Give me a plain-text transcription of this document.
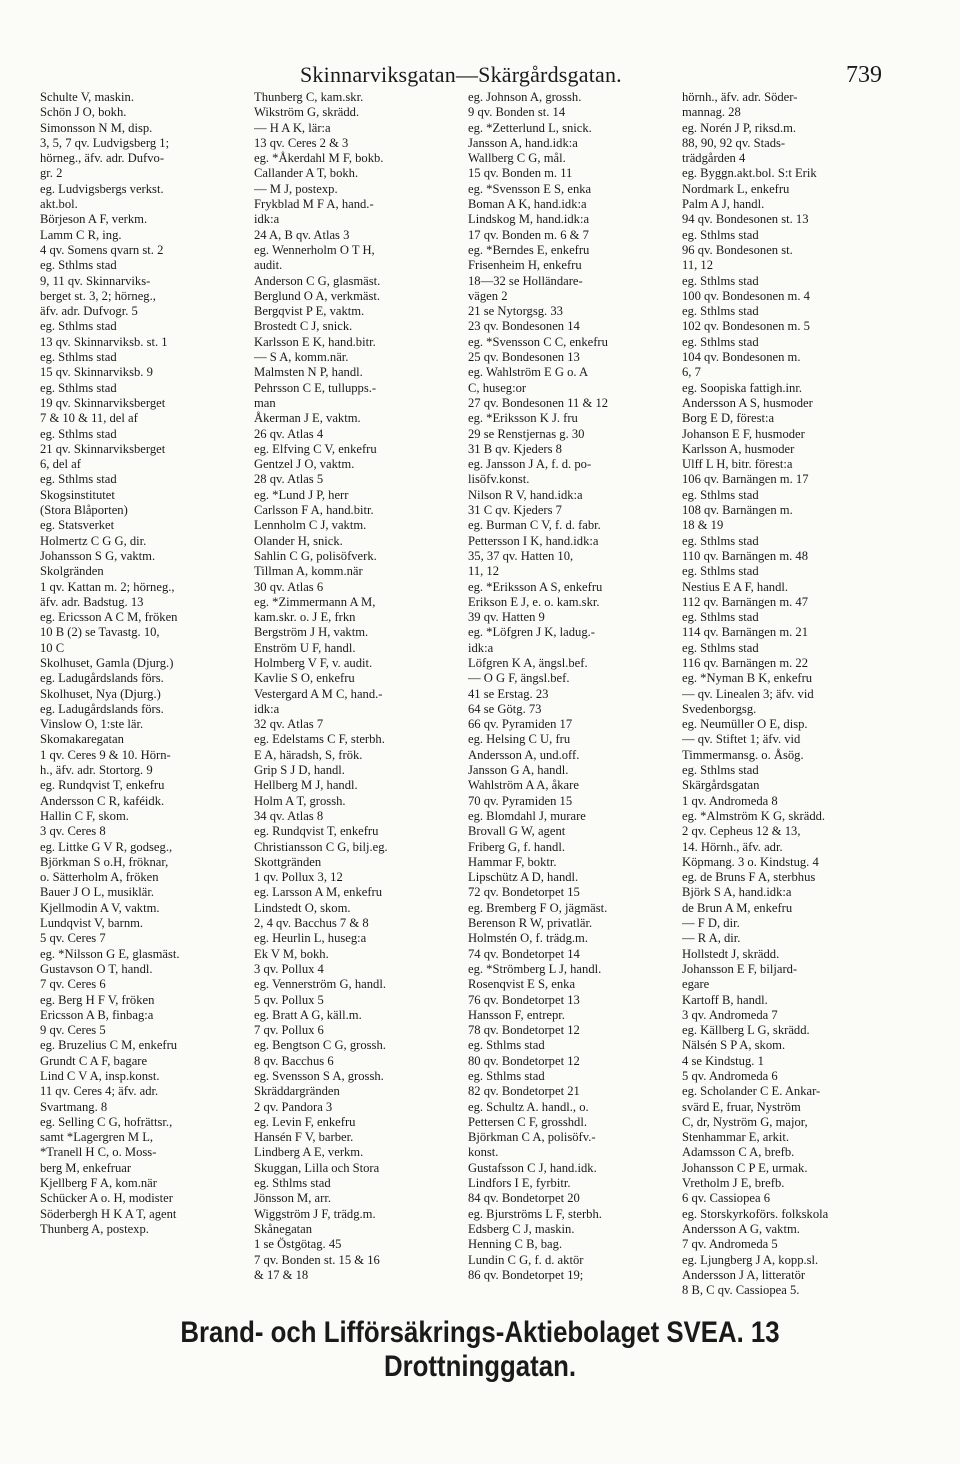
Skinnarviksgatan—Skärgårdsgatan.	739
Schulte V, maskin.
Schön J O, bokh.
Simonsson N M, disp.
3, 5, 7 qv. Ludvigsberg 1;
hörneg., äfv. adr. Dufvo-
gr. 2
eg. Ludvigsbergs verkst.
akt.bol.
Börjeson A F, verkm.
Lamm C R, ing.
4 qv. Somens qvarn st. 2
eg. Sthlms stad
9, 11 qv. Skinnarviks-
berget st. 3, 2; hörneg.,
äfv. adr. Dufvogr. 5
eg. Sthlms stad
13 qv. Skinnarviksb. st. 1
eg. Sthlms stad
15 qv. Skinnarviksb. 9
eg. Sthlms stad
19 qv. Skinnarviksberget
7 & 10 & 11, del af
eg. Sthlms stad
21 qv. Skinnarviksberget
6, del af
eg. Sthlms stad
Skogsinstitutet
(Stora Blåporten)
eg. Statsverket
Holmertz C G G, dir.
Johansson S G, vaktm.
Skolgränden
1 qv. Kattan m. 2; hörneg.,
äfv. adr. Badstug. 13
eg. Ericsson A C M, fröken
10 B (2) se Tavastg. 10,
10 C
Skolhuset, Gamla (Djurg.)
eg. Ladugårdslands förs.
Skolhuset, Nya (Djurg.)
eg. Ladugårdslands förs.
Vinslow O, 1:ste lär.
Skomakaregatan
1 qv. Ceres 9 & 10. Hörn-
h., äfv. adr. Stortorg. 9
eg. Rundqvist T, enkefru
Andersson C R, kaféidk.
Hallin C F, skom.
3 qv. Ceres 8
eg. Littke G V R, godseg.,
Björkman S o.H, fröknar,
o. Sätterholm A, fröken
Bauer J O L, musiklär.
Kjellmodin A V, vaktm.
Lundqvist V, barnm.
5 qv. Ceres 7
eg. *Nilsson G E, glasmäst.
Gustavson O T, handl.
7 qv. Ceres 6
eg. Berg H F V, fröken
Ericsson A B, finbag:a
9 qv. Ceres 5
eg. Bruzelius C M, enkefru
Grundt C A F, bagare
Lind C V A, insp.konst.
11 qv. Ceres 4; äfv. adr.
Svartmang. 8
eg. Selling C G, hofrättsr.,
samt *Lagergren M L,
*Tranell H C, o. Moss-
berg M, enkefruar
Kjellberg F A, kom.när
Schücker A o. H, modister
Söderbergh H K A T, agent
Thunberg A, postexp.
Thunberg C, kam.skr.
Wikström G, skrädd.
— H A K, lär:a
13 qv. Ceres 2 & 3
eg. *Åkerdahl M F, bokb.
Callander A T, bokh.
— M J, postexp.
Frykblad M F A, hand.-
idk:a
24 A, B qv. Atlas 3
eg. Wennerholm O T H,
audit.
Anderson C G, glasmäst.
Berglund O A, verkmäst.
Bergqvist P E, vaktm.
Brostedt C J, snick.
Karlsson E K, hand.bitr.
— S A, komm.när.
Malmsten N P, handl.
Pehrsson C E, tullupps.-
man
Åkerman J E, vaktm.
26 qv. Atlas 4
eg. Elfving C V, enkefru
Gentzel J O, vaktm.
28 qv. Atlas 5
eg. *Lund J P, herr
Carlsson F A, hand.bitr.
Lennholm C J, vaktm.
Olander H, snick.
Sahlin C G, polisöfverk.
Tillman A, komm.när
30 qv. Atlas 6
eg. *Zimmermann A M,
kam.skr. o. J E, frkn
Bergström J H, vaktm.
Enström U F, handl.
Holmberg V F, v. audit.
Kavlie S O, enkefru
Vestergard A M C, hand.-
idk:a
32 qv. Atlas 7
eg. Edelstams C F, sterbh.
E A, häradsh, S, frök.
Grip S J D, handl.
Hellberg M J, handl.
Holm A T, grossh.
34 qv. Atlas 8
eg. Rundqvist T, enkefru
Christiansson C G, bilj.eg.
Skottgränden
1 qv. Pollux 3, 12
eg. Larsson A M, enkefru
Lindstedt O, skom.
2, 4 qv. Bacchus 7 & 8
eg. Heurlin L, huseg:a
Ek V M, bokh.
3 qv. Pollux 4
eg. Vennerström G, handl.
5 qv. Pollux 5
eg. Bratt A G, käll.m.
7 qv. Pollux 6
eg. Bengtson C G, grossh.
8 qv. Bacchus 6
eg. Svensson S A, grossh.
Skräddargränden
2 qv. Pandora 3
eg. Levin F, enkefru
Hansén F V, barber.
Lindberg A E, verkm.
Skuggan, Lilla och Stora
eg. Sthlms stad
Jönsson M, arr.
Wiggström J F, trädg.m.
Skånegatan
1 se Östgötag. 45
7 qv. Bonden st. 15 & 16
& 17 & 18
eg. Johnson A, grossh.
9 qv. Bonden st. 14
eg. *Zetterlund L, snick.
Jansson A, hand.idk:a
Wallberg C G, mål.
15 qv. Bonden m. 11
eg. *Svensson E S, enka
Boman A K, hand.idk:a
Lindskog M, hand.idk:a
17 qv. Bonden m. 6 & 7
eg. *Berndes E, enkefru
Frisenheim H, enkefru
18—32 se Holländare-
vägen 2
21 se Nytorgsg. 33
23 qv. Bondesonen 14
eg. *Svensson C C, enkefru
25 qv. Bondesonen 13
eg. Wahlström E G o. A
C, huseg:or
27 qv. Bondesonen 11 & 12
eg. *Eriksson K J. fru
29 se Renstjernas g. 30
31 B qv. Kjeders 8
eg. Jansson J A, f. d. po-
lisöfv.konst.
Nilson R V, hand.idk:a
31 C qv. Kjeders 7
eg. Burman C V, f. d. fabr.
Pettersson I K, hand.idk:a
35, 37 qv. Hatten 10,
11, 12
eg. *Eriksson A S, enkefru
Erikson E J, e. o. kam.skr.
39 qv. Hatten 9
eg. *Löfgren J K, ladug.-
idk:a
Löfgren K A, ängsl.bef.
— O G F, ängsl.bef.
41 se Erstag. 23
64 se Götg. 73
66 qv. Pyramiden 17
eg. Helsing C U, fru
Andersson A, und.off.
Jansson G A, handl.
Wahlström A A, åkare
70 qv. Pyramiden 15
eg. Blomdahl J, murare
Brovall G W, agent
Friberg G, f. handl.
Hammar F, boktr.
Lipschütz A D, handl.
72 qv. Bondetorpet 15
eg. Bremberg F O, jägmäst.
Berenson R W, privatlär.
Holmstén O, f. trädg.m.
74 qv. Bondetorpet 14
eg. *Strömberg L J, handl.
Rosenqvist E S, enka
76 qv. Bondetorpet 13
Hansson F, entrepr.
78 qv. Bondetorpet 12
eg. Sthlms stad
80 qv. Bondetorpet 12
eg. Sthlms stad
82 qv. Bondetorpet 21
eg. Schultz A. handl., o.
Pettersen C F, grosshdl.
Björkman C A, polisöfv.-
konst.
Gustafsson C J, hand.idk.
Lindfors I E, fyrbitr.
84 qv. Bondetorpet 20
eg. Bjurströms L F, sterbh.
Edsberg C J, maskin.
Henning C B, bag.
Lundin C G, f. d. aktör
86 qv. Bondetorpet 19;
hörnh., äfv. adr. Söder-
mannag. 28
eg. Norén J P, riksd.m.
88, 90, 92 qv. Stads-
trädgården 4
eg. Byggn.akt.bol. S:t Erik
Nordmark L, enkefru
Palm A J, handl.
94 qv. Bondesonen st. 13
eg. Sthlms stad
96 qv. Bondesonen st.
11, 12
eg. Sthlms stad
100 qv. Bondesonen m. 4
eg. Sthlms stad
102 qv. Bondesonen m. 5
eg. Sthlms stad
104 qv. Bondesonen m.
6, 7
eg. Soopiska fattigh.inr.
Andersson A S, husmoder
Borg E D, förest:a
Johanson E F, husmoder
Karlsson A, husmoder
Ulff L H, bitr. förest:a
106 qv. Barnängen m. 17
eg. Sthlms stad
108 qv. Barnängen m.
18 & 19
eg. Sthlms stad
110 qv. Barnängen m. 48
eg. Sthlms stad
Nestius E A F, handl.
112 qv. Barnängen m. 47
eg. Sthlms stad
114 qv. Barnängen m. 21
eg. Sthlms stad
116 qv. Barnängen m. 22
eg. *Nyman B K, enkefru
— qv. Linealen 3; äfv. vid
Svedenborgsg.
eg. Neumüller O E, disp.
— qv. Stiftet 1; äfv. vid
Timmermansg. o. Åsög.
eg. Sthlms stad
Skärgårdsgatan
1 qv. Andromeda 8
eg. *Almström K G, skrädd.
2 qv. Cepheus 12 & 13,
14. Hörnh., äfv. adr.
Köpmang. 3 o. Kindstug. 4
eg. de Bruns F A, sterbhus
Björk S A, hand.idk:a
de Brun A M, enkefru
— F D, dir.
— R A, dir.
Hollstedt J, skrädd.
Johansson E F, biljard-
egare
Kartoff B, handl.
3 qv. Andromeda 7
eg. Källberg L G, skrädd.
Nälsén S P A, skom.
4 se Kindstug. 1
5 qv. Andromeda 6
eg. Scholander C E. Ankar-
svärd E, fruar, Nyström
C, dr, Nyström G, major,
Stenhammar E, arkit.
Adamsson C A, brefb.
Johansson C P E, urmak.
Vretholm J E, brefb.
6 qv. Cassiopea 6
eg. Storskyrkoförs. folkskola
Andersson A G, vaktm.
7 qv. Andromeda 5
eg. Ljungberg J A, kopp.sl.
Andersson J A, litteratör
8 B, C qv. Cassiopea 5.
Brand- och Lifförsäkrings-Aktiebolaget SVEA. 13 Drottninggatan.
